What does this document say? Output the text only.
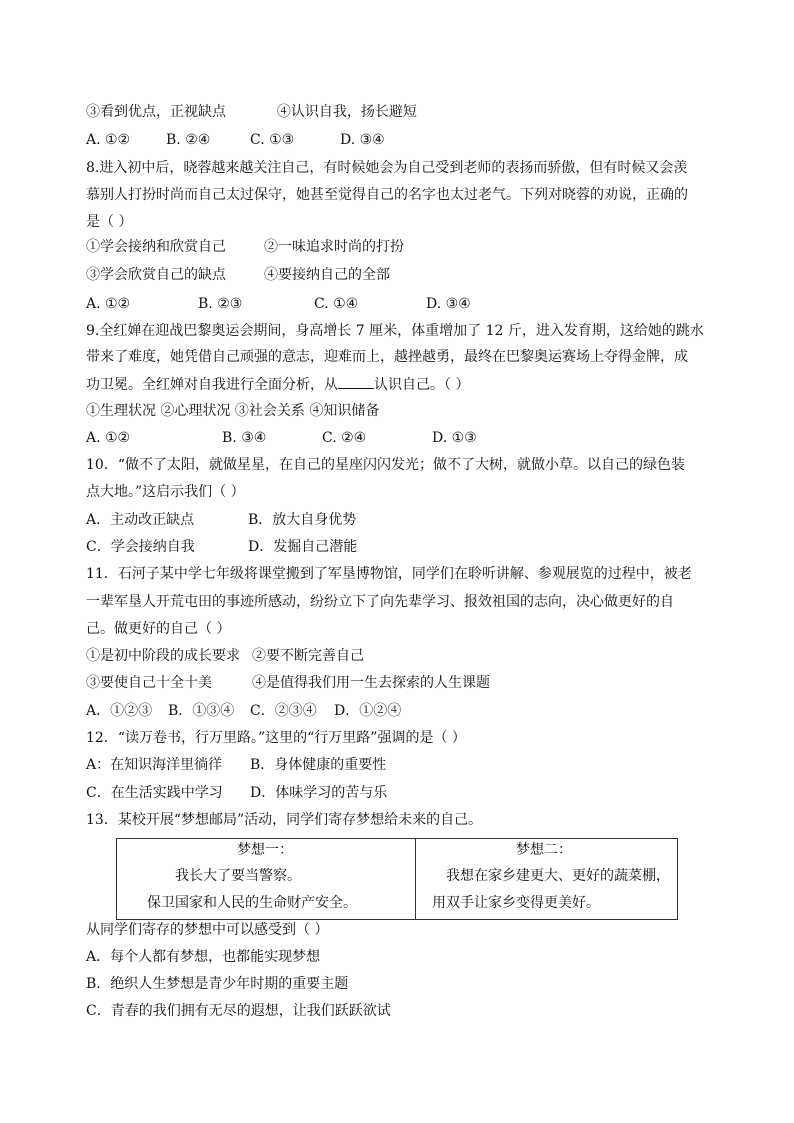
③看到优点，正视缺点	④认识自我，扬长避短
A. ①②	B. ②④	C. ①③	D. ③④
8.进入初中后，晓蓉越来越关注自己，有时候她会为自己受到老师的表扬而骄傲，但有时候又会羡
慕别人打扮时尚而自己太过保守，她甚至觉得自己的名字也太过老气。下列对晓蓉的劝说，正确的
是（ ）
①学会接纳和欣赏自己	②一味追求时尚的打扮
③学会欣赏自己的缺点	④要接纳自己的全部
A. ①②	B. ②③	C. ①④	D. ③④
9.全红婵在迎战巴黎奥运会期间，身高增长 7 厘米，体重增加了 12 斤，进入发育期，这给她的跳水
带来了难度，她凭借自己顽强的意志，迎难而上，越挫越勇，最终在巴黎奥运赛场上夺得金牌，成
功卫冕。全红婵对自我进行全面分析，从	认识自己。（ ）
①生理状况 ②心理状况 ③社会关系 ④知识储备
A. ①②	B. ③④	C. ②④	D. ①③
10．“做不了太阳，就做星星，在自己的星座闪闪发光；做不了大树，就做小草。以自己的绿色装
点大地。”这启示我们（ ）
A．主动改正缺点	B．放大自身优势
C．学会接纳自我	D．发掘自己潜能
11．石河子某中学七年级将课堂搬到了军垦博物馆，同学们在聆听讲解、参观展览的过程中，被老
一辈军垦人开荒屯田的事迹所感动，纷纷立下了向先辈学习、报效祖国的志向，决心做更好的自
己。做更好的自己（ ）
①是初中阶段的成长要求 ②要不断完善自己
③要使自己十全十美	④是值得我们用一生去探索的人生课题
A．①②③ B．①③④ C．②③④ D．①②④
12．“读万卷书，行万里路。”这里的“行万里路”强调的是（ ）
A：在知识海洋里徜徉 B．身体健康的重要性
C．在生活实践中学习 D．体味学习的苦与乐
13．某校开展“梦想邮局”活动，同学们寄存梦想给未来的自己。
梦想一：
我长大了要当警察。
保卫国家和人民的生命财产安全。
梦想二：
我想在家乡建更大、更好的蔬菜棚，
用双手让家乡变得更美好。
从同学们寄存的梦想中可以感受到（ ）
A．每个人都有梦想，也都能实现梦想
B．绝织人生梦想是青少年时期的重要主题
C．青春的我们拥有无尽的遐想，让我们跃跃欲试
